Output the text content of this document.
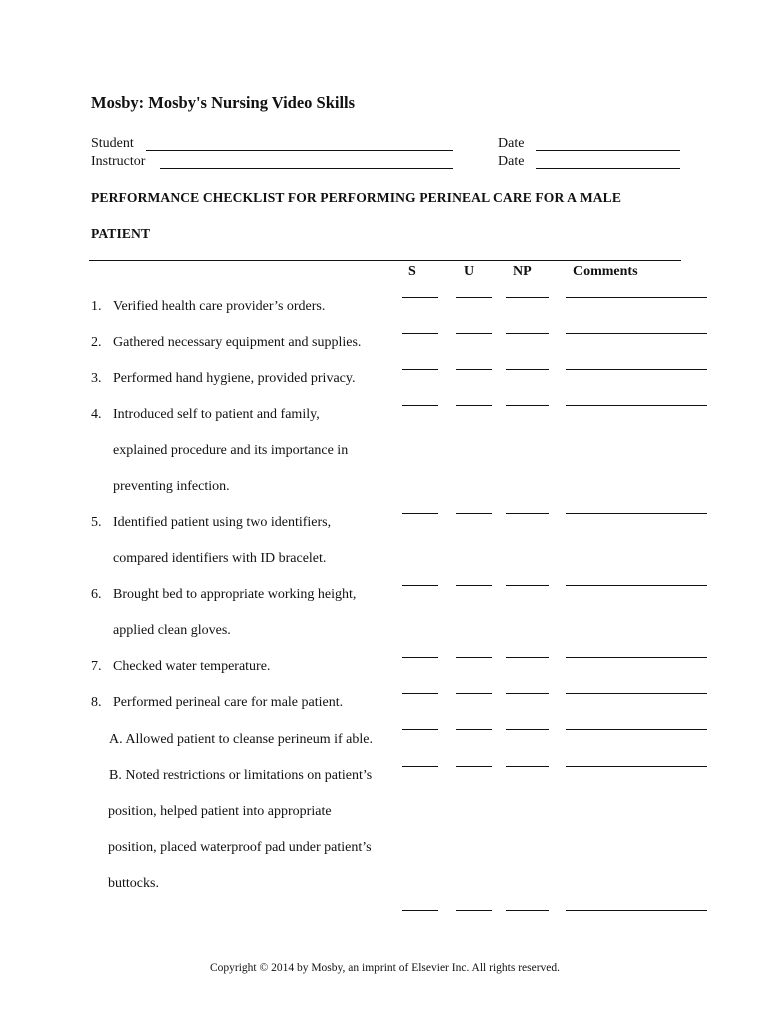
Mosby: Mosby's Nursing Video Skills
Student
Instructor
Date
Date
PERFORMANCE CHECKLIST FOR PERFORMING PERINEAL CARE FOR A MALE
PATIENT
S	U	NP	Comments
1. Verified health care provider’s orders.
2. Gathered necessary equipment and supplies.
3. Performed hand hygiene, provided privacy.
4. Introduced self to patient and family,
explained procedure and its importance in
preventing infection.
5. Identified patient using two identifiers,
compared identifiers with ID bracelet.
6. Brought bed to appropriate working height,
applied clean gloves.
7. Checked water temperature.
8. Performed perineal care for male patient.
A. Allowed patient to cleanse perineum if able.
B. Noted restrictions or limitations on patient’s
position, helped patient into appropriate
position, placed waterproof pad under patient’s
buttocks.
Copyright © 2014 by Mosby, an imprint of Elsevier Inc. All rights reserved.
